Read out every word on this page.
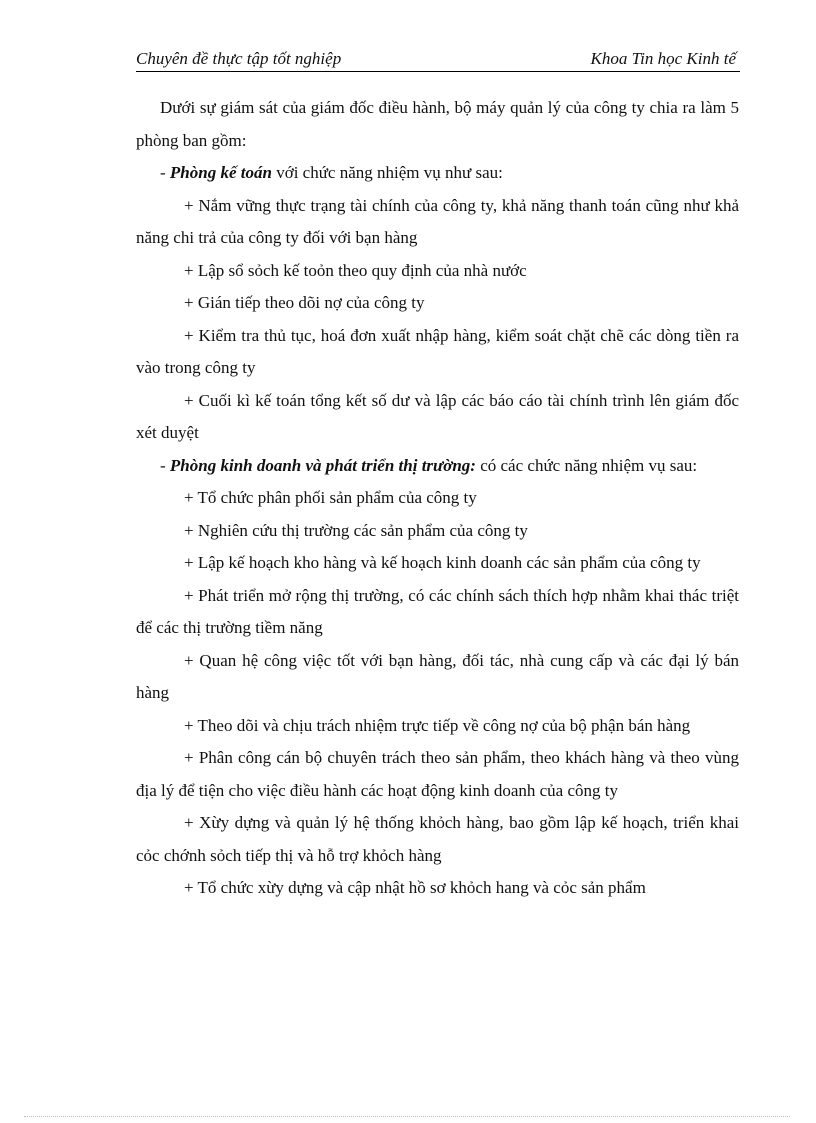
Chuyên đề thực tập tốt nghiệp	Khoa Tin học Kinh tế

Dưới sự giám sát của giám đốc điều hành, bộ máy quản lý của công ty chia ra làm 5 phòng ban gồm:

- Phòng kế toán với chức năng nhiệm vụ như sau:

+ Nắm vững thực trạng tài chính của công ty, khả năng thanh toán cũng như khả năng chi trả của công ty đối với bạn hàng

+ Lập sổ sỏch kế toỏn theo quy định của nhà nước

+ Gián tiếp theo dõi nợ của công ty

+ Kiểm tra thủ tục, hoá đơn xuất nhập hàng, kiểm soát chặt chẽ các dòng tiền ra vào trong công ty

+ Cuối kì kế toán tổng kết số dư và lập các báo cáo tài chính trình lên giám đốc xét duyệt

- Phòng kinh doanh và phát triển thị trường: có các chức năng nhiệm vụ sau:

+ Tổ chức phân phối sản phẩm của công ty

+ Nghiên cứu thị trường các sản phẩm của công ty

+ Lập kế hoạch kho hàng và kế hoạch kinh doanh các sản phẩm của công ty

+ Phát triển mở rộng thị trường, có các chính sách thích hợp nhằm khai thác triệt để các thị trường tiềm năng

+ Quan hệ công việc tốt với bạn hàng, đối tác, nhà cung cấp và các đại lý bán hàng

+ Theo dõi và chịu trách nhiệm trực tiếp về công nợ của bộ phận bán hàng

+ Phân công cán bộ chuyên trách theo sản phẩm, theo khách hàng và theo vùng địa lý để tiện cho việc điều hành các hoạt động kinh doanh của công ty

+ Xừy dựng và quản lý hệ thống khỏch hàng, bao gồm lập kế hoạch, triển khai cỏc chớnh sỏch tiếp thị và hỗ trợ khỏch hàng

+ Tổ chức xừy dựng và cập nhật hồ sơ khỏch hang và cỏc sản phẩm
